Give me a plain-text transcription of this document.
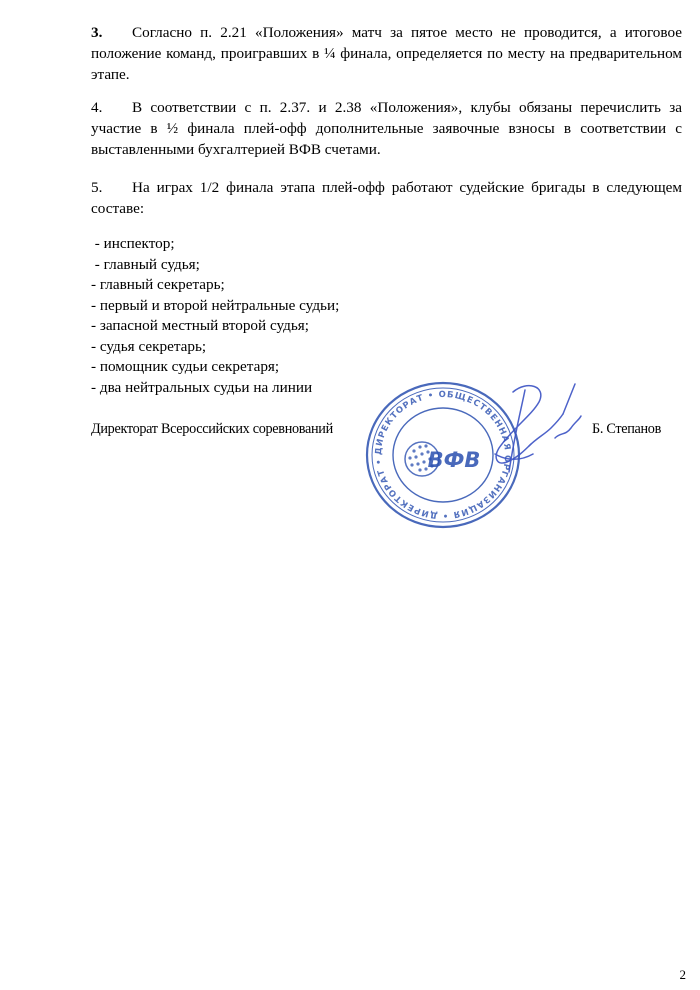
3. Согласно п. 2.21 «Положения» матч за пятое место не проводится, а итоговое положение команд, проигравших в ¼ финала, определяется по месту на предварительном этапе.
4. В соответствии с п. 2.37. и 2.38 «Положения», клубы обязаны перечислить за участие в ½ финала плей-офф дополнительные заявочные взносы в соответствии с выставленными бухгалтерией ВФВ счетами.
5. На играх 1/2 финала этапа плей-офф работают судейские бригады в следующем составе:
- инспектор;
- главный судья;
- главный секретарь;
- первый и второй нейтральные судьи;
- запасной местный второй судья;
- судья секретарь;
- помощник судьи секретаря;
- два нейтральных судьи на линии
ДИРЕКТОРАТ • ОБЩЕСТВЕННАЯ ОРГАНИЗАЦИЯ • ДИРЕКТОРАТ •	ВФВ
Директорат Всероссийских соревнований	Б. Степанов
2
